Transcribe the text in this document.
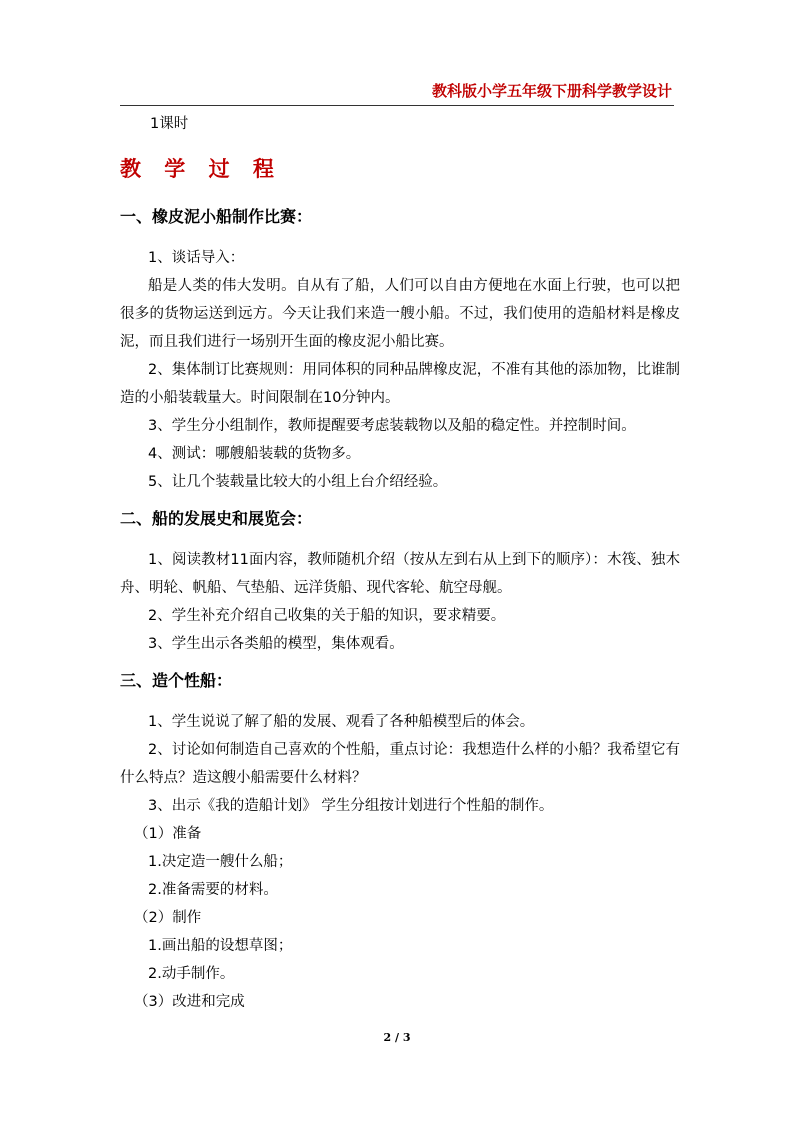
教科版小学五年级下册科学教学设计

1课时

教 学 过 程
一、橡皮泥小船制作比赛：

1、谈话导入：

船是人类的伟大发明。自从有了船，人们可以自由方便地在水面上行驶，也可以把很多的货物运送到远方。今天让我们来造一艘小船。不过，我们使用的造船材料是橡皮泥，而且我们进行一场别开生面的橡皮泥小船比赛。

2、集体制订比赛规则：用同体积的同种品牌橡皮泥，不准有其他的添加物，比谁制造的小船装载量大。时间限制在10分钟内。

3、学生分小组制作，教师提醒要考虑装载物以及船的稳定性。并控制时间。

4、测试：哪艘船装载的货物多。

5、让几个装载量比较大的小组上台介绍经验。

二、船的发展史和展览会：

1、阅读教材11面内容，教师随机介绍（按从左到右从上到下的顺序）：木筏、独木舟、明轮、帆船、气垫船、远洋货船、现代客轮、航空母舰。

2、学生补充介绍自己收集的关于船的知识，要求精要。

3、学生出示各类船的模型，集体观看。

三、造个性船：

1、学生说说了解了船的发展、观看了各种船模型后的体会。

2、讨论如何制造自己喜欢的个性船，重点讨论：我想造什么样的小船？我希望它有什么特点？造这艘小船需要什么材料？

3、出示《我的造船计划》 学生分组按计划进行个性船的制作。

（1）准备

1.决定造一艘什么船；

2.准备需要的材料。

（2）制作

1.画出船的设想草图；

2.动手制作。

（3）改进和完成

2 / 3
